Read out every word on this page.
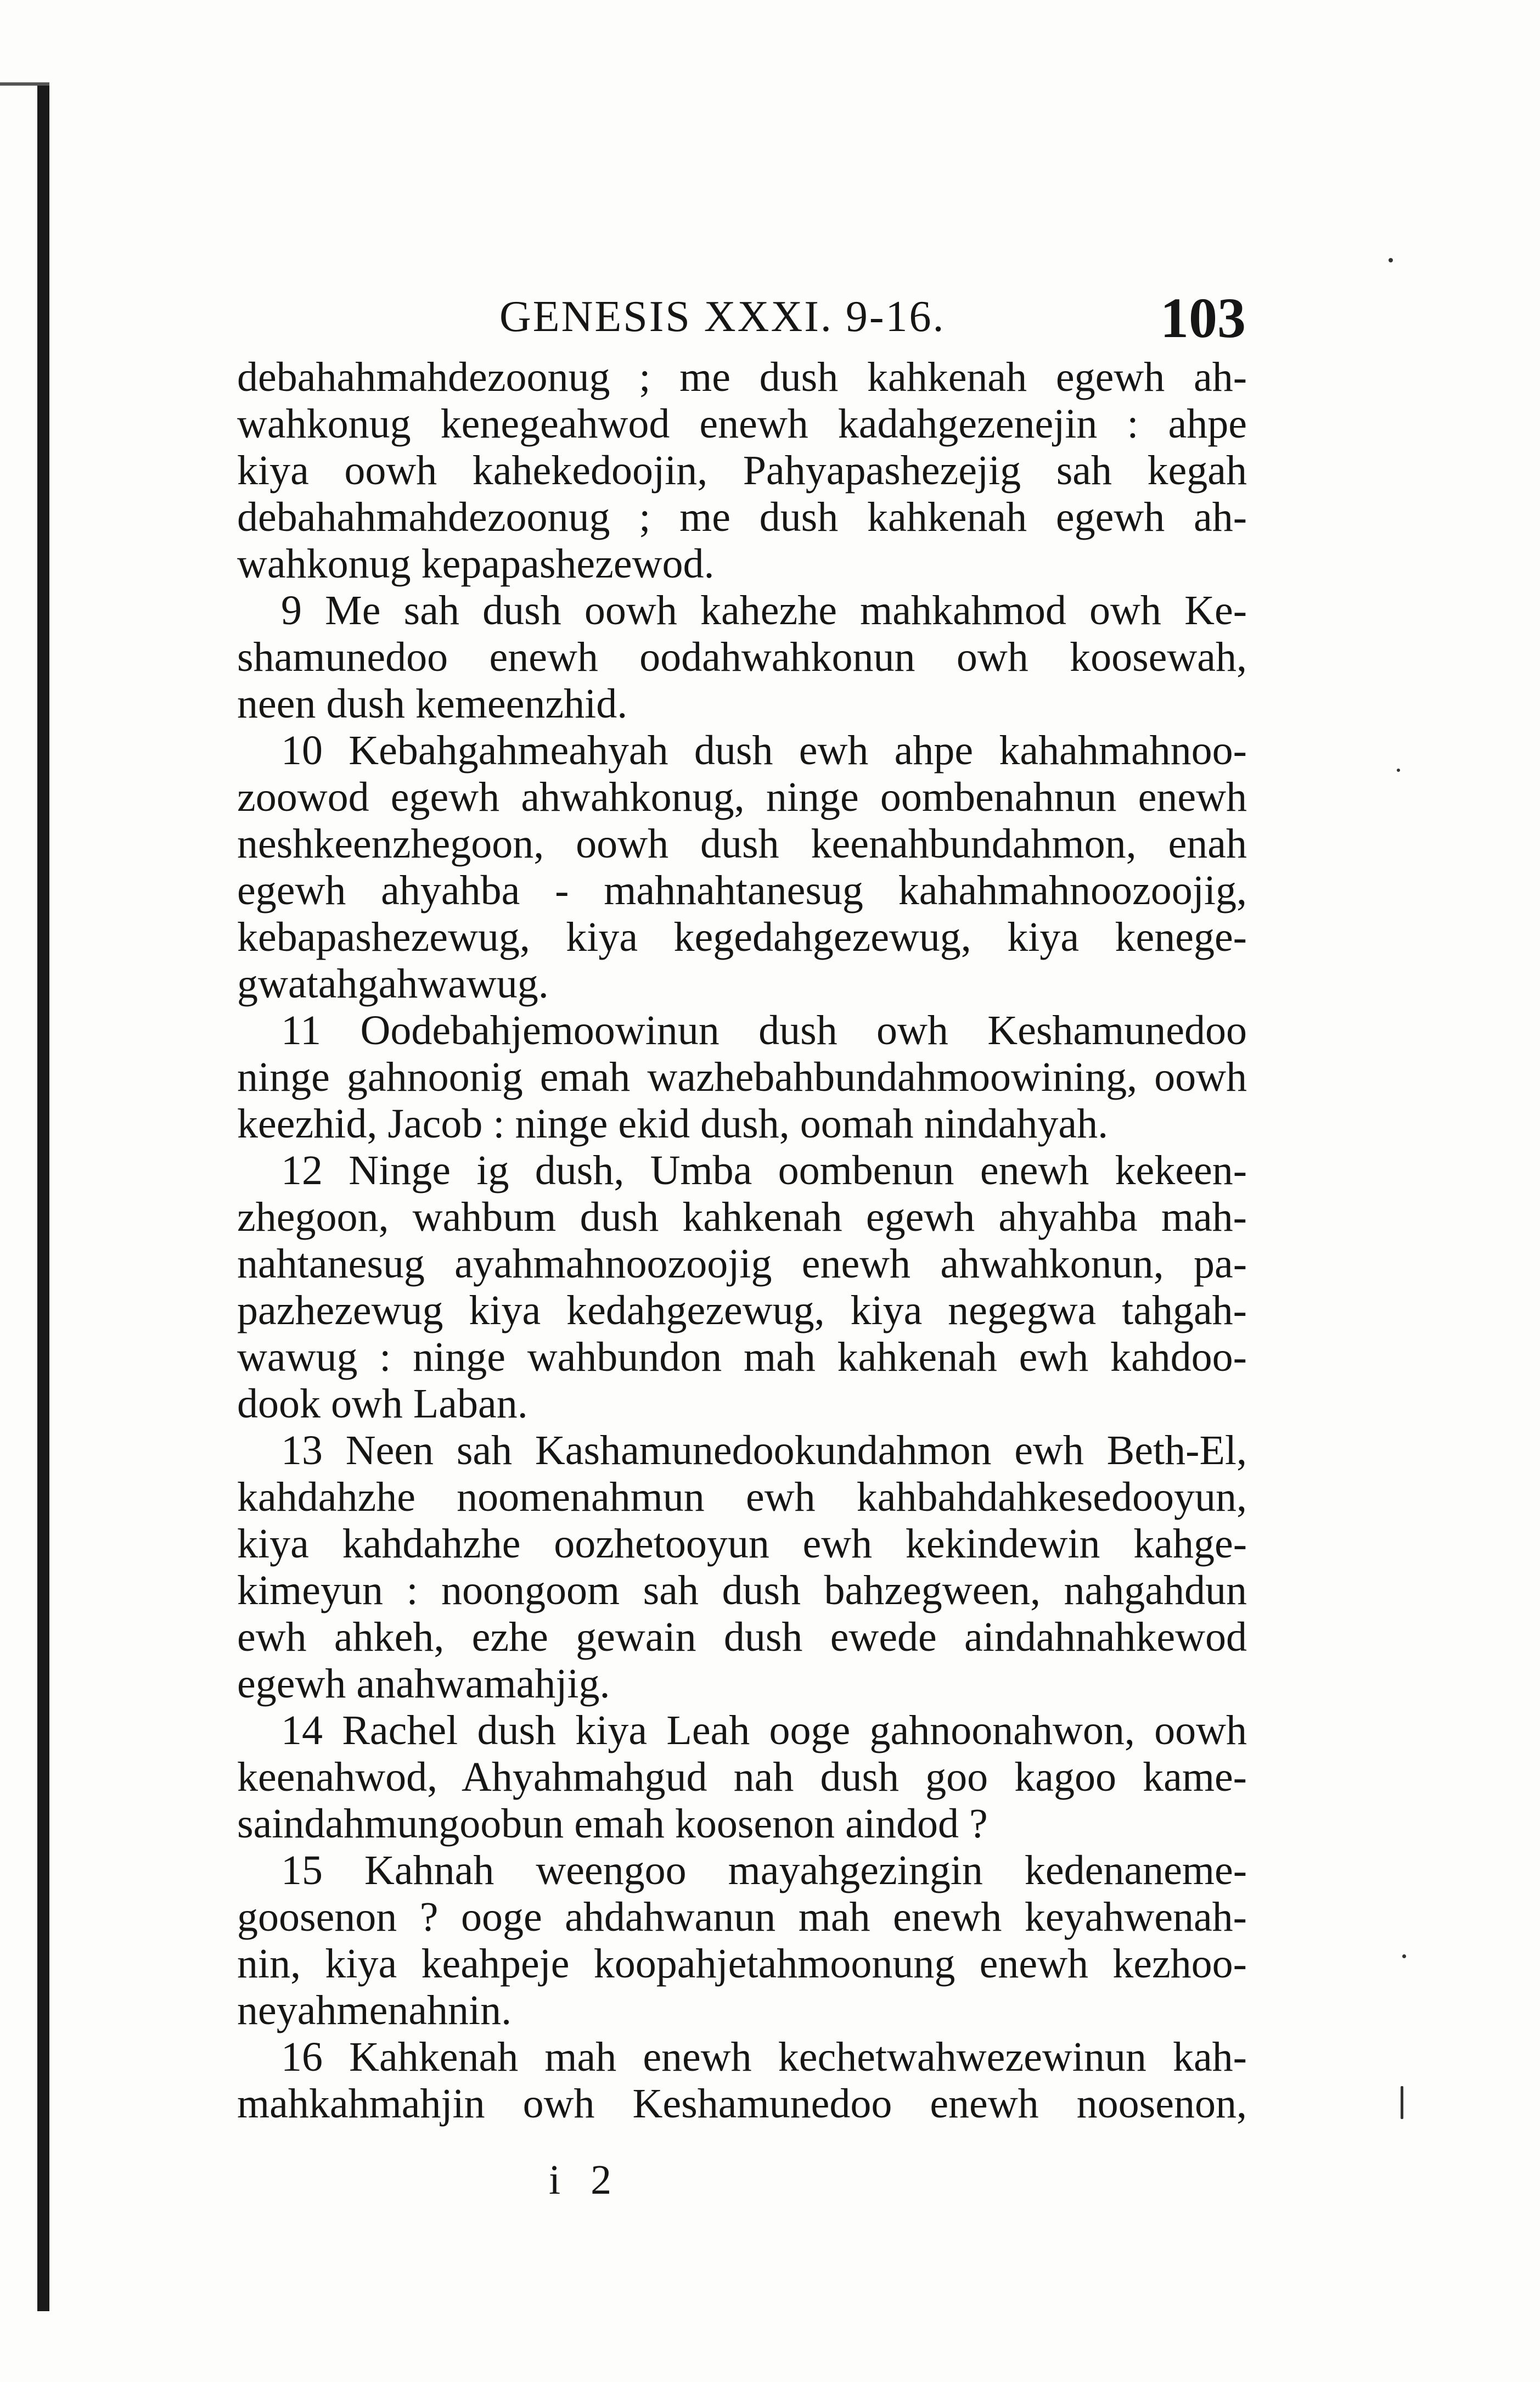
GENESIS XXXI. 9-16.	103
debahahmahdezoonug ; me dush kahkenah egewh ah-
wahkonug kenegeahwod enewh kadahgezenejin : ahpe
kiya oowh kahekedoojin, Pahyapashezejig sah kegah
debahahmahdezoonug ; me dush kahkenah egewh ah-
wahkonug kepapashezewod.
9 Me sah dush oowh kahezhe mahkahmod owh Ke-
shamunedoo enewh oodahwahkonun owh koosewah,
neen dush kemeenzhid.
10 Kebahgahmeahyah dush ewh ahpe kahahmahnoo-
zoowod egewh ahwahkonug, ninge oombenahnun enewh
neshkeenzhegoon, oowh dush keenahbundahmon, enah
egewh ahyahba - mahnahtanesug kahahmahnoozoojig,
kebapashezewug, kiya kegedahgezewug, kiya kenege-
gwatahgahwawug.
11 Oodebahjemoowinun dush owh Keshamunedoo
ninge gahnoonig emah wazhebahbundahmoowining, oowh
keezhid, Jacob : ninge ekid dush, oomah nindahyah.
12 Ninge ig dush, Umba oombenun enewh kekeen-
zhegoon, wahbum dush kahkenah egewh ahyahba mah-
nahtanesug ayahmahnoozoojig enewh ahwahkonun, pa-
pazhezewug kiya kedahgezewug, kiya negegwa tahgah-
wawug : ninge wahbundon mah kahkenah ewh kahdoo-
dook owh Laban.
13 Neen sah Kashamunedookundahmon ewh Beth-El,
kahdahzhe noomenahmun ewh kahbahdahkesedooyun,
kiya kahdahzhe oozhetooyun ewh kekindewin kahge-
kimeyun : noongoom sah dush bahzegween, nahgahdun
ewh ahkeh, ezhe gewain dush ewede aindahnahkewod
egewh anahwamahjig.
14 Rachel dush kiya Leah ooge gahnoonahwon, oowh
keenahwod, Ahyahmahgud nah dush goo kagoo kame-
saindahmungoobun emah koosenon aindod ?
15 Kahnah weengoo mayahgezingin kedenaneme-
goosenon ? ooge ahdahwanun mah enewh keyahwenah-
nin, kiya keahpeje koopahjetahmoonung enewh kezhoo-
neyahmenahnin.
16 Kahkenah mah enewh kechetwahwezewinun kah-
mahkahmahjin owh Keshamunedoo enewh noosenon,
i 2
